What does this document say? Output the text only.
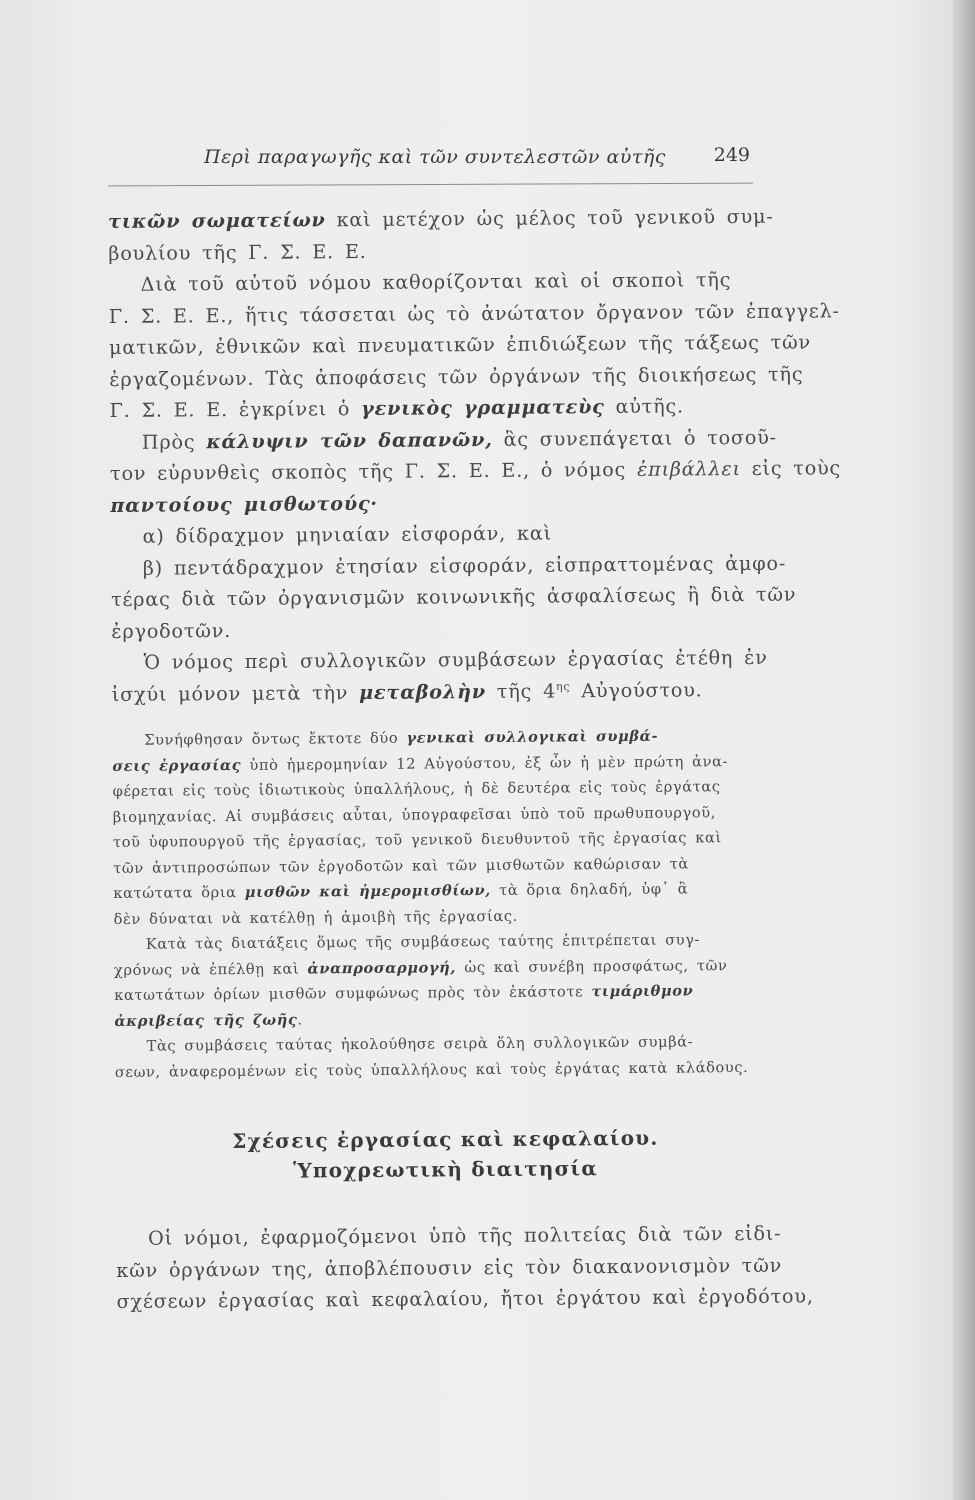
Περὶ παραγωγῆς καὶ τῶν συντελεστῶν αὐτῆς	249
τικῶν σωματείων καὶ μετέχον ὡς μέλος τοῦ γενικοῦ συμ-
βουλίου τῆς Γ. Σ. Ε. Ε.
Διὰ τοῦ αὐτοῦ νόμου καθορίζονται καὶ οἱ σκοποὶ τῆς
Γ. Σ. Ε. Ε., ἥτις τάσσεται ὡς τὸ ἀνώτατον ὄργανον τῶν ἐπαγγελ-
ματικῶν, ἐθνικῶν καὶ πνευματικῶν ἐπιδιώξεων τῆς τάξεως τῶν
ἐργαζομένων. Τὰς ἀποφάσεις τῶν ὀργάνων τῆς διοικήσεως τῆς
Γ. Σ. Ε. Ε. ἐγκρίνει ὁ γενικὸς γραμματεὺς αὐτῆς.
Πρὸς κάλυψιν τῶν δαπανῶν, ἃς συνεπάγεται ὁ τοσοῦ-
τον εὐρυνθεὶς σκοπὸς τῆς Γ. Σ. Ε. Ε., ὁ νόμος ἐπιβάλλει εἰς τοὺς
παντοίους μισθωτούς·
α) δίδραχμον μηνιαίαν εἰσφοράν, καὶ
β) πεντάδραχμον ἐτησίαν εἰσφοράν, εἰσπραττομένας ἀμφο-
τέρας διὰ τῶν ὀργανισμῶν κοινωνικῆς ἀσφαλίσεως ἢ διὰ τῶν
ἐργοδοτῶν.
Ὁ νόμος περὶ συλλογικῶν συμβάσεων ἐργασίας ἐτέθη ἐν
ἰσχύι μόνον μετὰ τὴν μεταβολὴν τῆς $4^{\eta\varsigma}$ Αὐγούστου.
Συνήφθησαν ὄντως ἔκτοτε δύο γενικαὶ συλλογικαὶ συμβά-
σεις ἐργασίας ὑπὸ ἡμερομηνίαν 12 Αὐγούστου, ἐξ ὧν ἡ μὲν πρώτη ἀνα-
φέρεται εἰς τοὺς ἰδιωτικοὺς ὑπαλλήλους, ἡ δὲ δευτέρα εἰς τοὺς ἐργάτας
βιομηχανίας. Αἱ συμβάσεις αὗται, ὑπογραφεῖσαι ὑπὸ τοῦ πρωθυπουργοῦ,
τοῦ ὑφυπουργοῦ τῆς ἐργασίας, τοῦ γενικοῦ διευθυντοῦ τῆς ἐργασίας καὶ
τῶν ἀντιπροσώπων τῶν ἐργοδοτῶν καὶ τῶν μισθωτῶν καθώρισαν τὰ
κατώτατα ὅρια μισθῶν καὶ ἡμερομισθίων, τὰ ὅρια δηλαδή, ὑφ᾽ ἃ
δὲν δύναται νὰ κατέλθῃ ἡ ἀμοιβὴ τῆς ἐργασίας.
Κατὰ τὰς διατάξεις ὅμως τῆς συμβάσεως ταύτης ἐπιτρέπεται συγ-
χρόνως νὰ ἐπέλθῃ καὶ ἀναπροσαρμογή, ὡς καὶ συνέβη προσφάτως, τῶν
κατωτάτων ὁρίων μισθῶν συμφώνως πρὸς τὸν ἑκάστοτε τιμάριθμον
ἀκριβείας τῆς ζωῆς.
Τὰς συμβάσεις ταύτας ἠκολούθησε σειρὰ ὅλη συλλογικῶν συμβά-
σεων, ἀναφερομένων εἰς τοὺς ὑπαλλήλους καὶ τοὺς ἐργάτας κατὰ κλάδους.
Σχέσεις ἐργασίας καὶ κεφαλαίου.
Ὑποχρεωτικὴ διαιτησία
Οἱ νόμοι, ἐφαρμοζόμενοι ὑπὸ τῆς πολιτείας διὰ τῶν εἰδι-
κῶν ὀργάνων της, ἀποβλέπουσιν εἰς τὸν διακανονισμὸν τῶν
σχέσεων ἐργασίας καὶ κεφαλαίου, ἤτοι ἐργάτου καὶ ἐργοδότου,
